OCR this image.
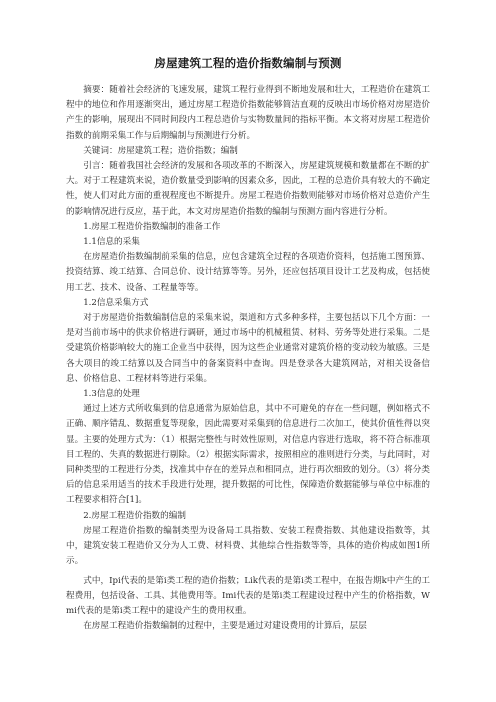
房屋建筑工程的造价指数编制与预测

摘要：随着社会经济的飞速发展，建筑工程行业得到不断地发展和壮大，工程造价在建筑工程中的地位和作用逐渐突出，通过房屋工程造价指数能够简洁直观的反映出市场价格对房屋造价产生的影响，展现出不同时间段内工程总造价与实物数量间的指标平衡。本文将对房屋工程造价指数的前期采集工作与后期编制与预测进行分析。

关键词：房屋建筑工程；造价指数；编制

引言：随着我国社会经济的发展和各项改革的不断深入，房屋建筑规模和数量都在不断的扩大。对于工程建筑来说，造价数量受到影响的因素众多，因此，工程的总造价具有较大的不确定性，使人们对此方面的重视程度也不断提升。房屋工程造价指数则能够对市场价格对总造价产生的影响情况进行反应，基于此，本文对房屋造价指数的编制与预测方面内容进行分析。

1.房屋工程造价指数编制的准备工作

1.1信息的采集

在房屋造价指数编制前采集的信息，应包含建筑全过程的各项造价资料，包括施工图预算、投资结算、竣工结算、合同总价、设计结算等等。另外，还应包括项目设计工艺及构成，包括使用工艺、技术、设备、工程量等等。

1.2信息采集方式

对于房屋造价指数编制信息的采集来说，渠道和方式多种多样，主要包括以下几个方面：一是对当前市场中的供求价格进行调研，通过市场中的机械租赁、材料、劳务等处进行采集。二是受建筑价格影响较大的施工企业当中获得，因为这些企业通常对建筑价格的变动较为敏感。三是各大项目的竣工结算以及合同当中的备案资料中查询。四是登录各大建筑网站，对相关设备信息、价格信息、工程材料等进行采集。

1.3信息的处理

通过上述方式所收集到的信息通常为原始信息，其中不可避免的存在一些问题，例如格式不正确、顺序错乱、数据重复等现象，因此需要对采集到的信息进行二次加工，使其价值性得以突显。主要的处理方式为：（1）根据完整性与时效性原则，对信息内容进行选取，将不符合标准项目工程的、失真的数据进行剔除。（2）根据实际需求，按照相应的准则进行分类，与此同时，对同种类型的工程进行分类，找准其中存在的差异点和相同点，进行再次细致的划分。（3）将分类后的信息采用适当的技术手段进行处理，提升数据的可比性，保障造价数据能够与单位中标准的工程要求相符合[1]。

2.房屋工程造价指数的编制

房屋工程造价指数的编制类型为设备局工具指数、安装工程费指数、其他建设指数等，其中，建筑安装工程造价又分为人工费、材料费、其他综合性指数等等，具体的造价构成如图1所示。

式中，Ipi代表的是第i类工程的造价指数；Lik代表的是第i类工程中，在报告期k中产生的工程费用，包括设备、工具、其他费用等。Imi代表的是第i类工程建设过程中产生的价格指数，Wmi代表的是第i类工程中的建设产生的费用权重。

在房屋工程造价指数编制的过程中，主要是通过对建设费用的计算后，层层
